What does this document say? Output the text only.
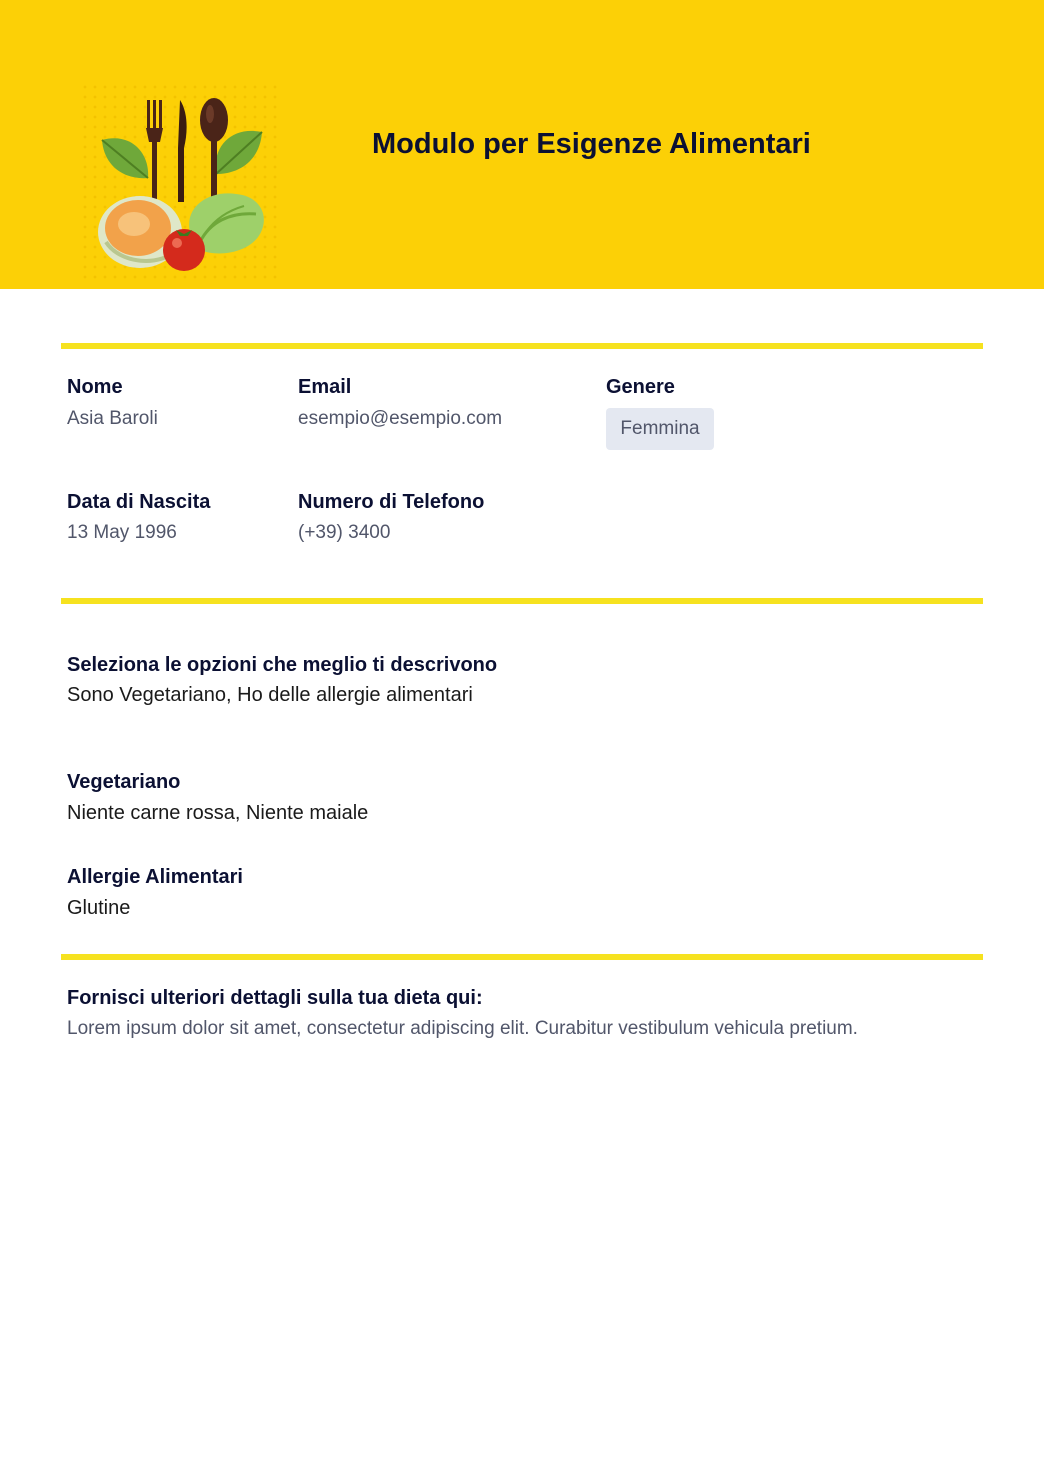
Modulo per Esigenze Alimentari
Nome
Asia Baroli
Email
esempio@esempio.com
Genere
Femmina
Data di Nascita
13 May 1996
Numero di Telefono
(+39) 3400
Seleziona le opzioni che meglio ti descrivono
Sono Vegetariano, Ho delle allergie alimentari
Vegetariano
Niente carne rossa, Niente maiale
Allergie Alimentari
Glutine
Fornisci ulteriori dettagli sulla tua dieta qui:
Lorem ipsum dolor sit amet, consectetur adipiscing elit. Curabitur vestibulum vehicula pretium.
